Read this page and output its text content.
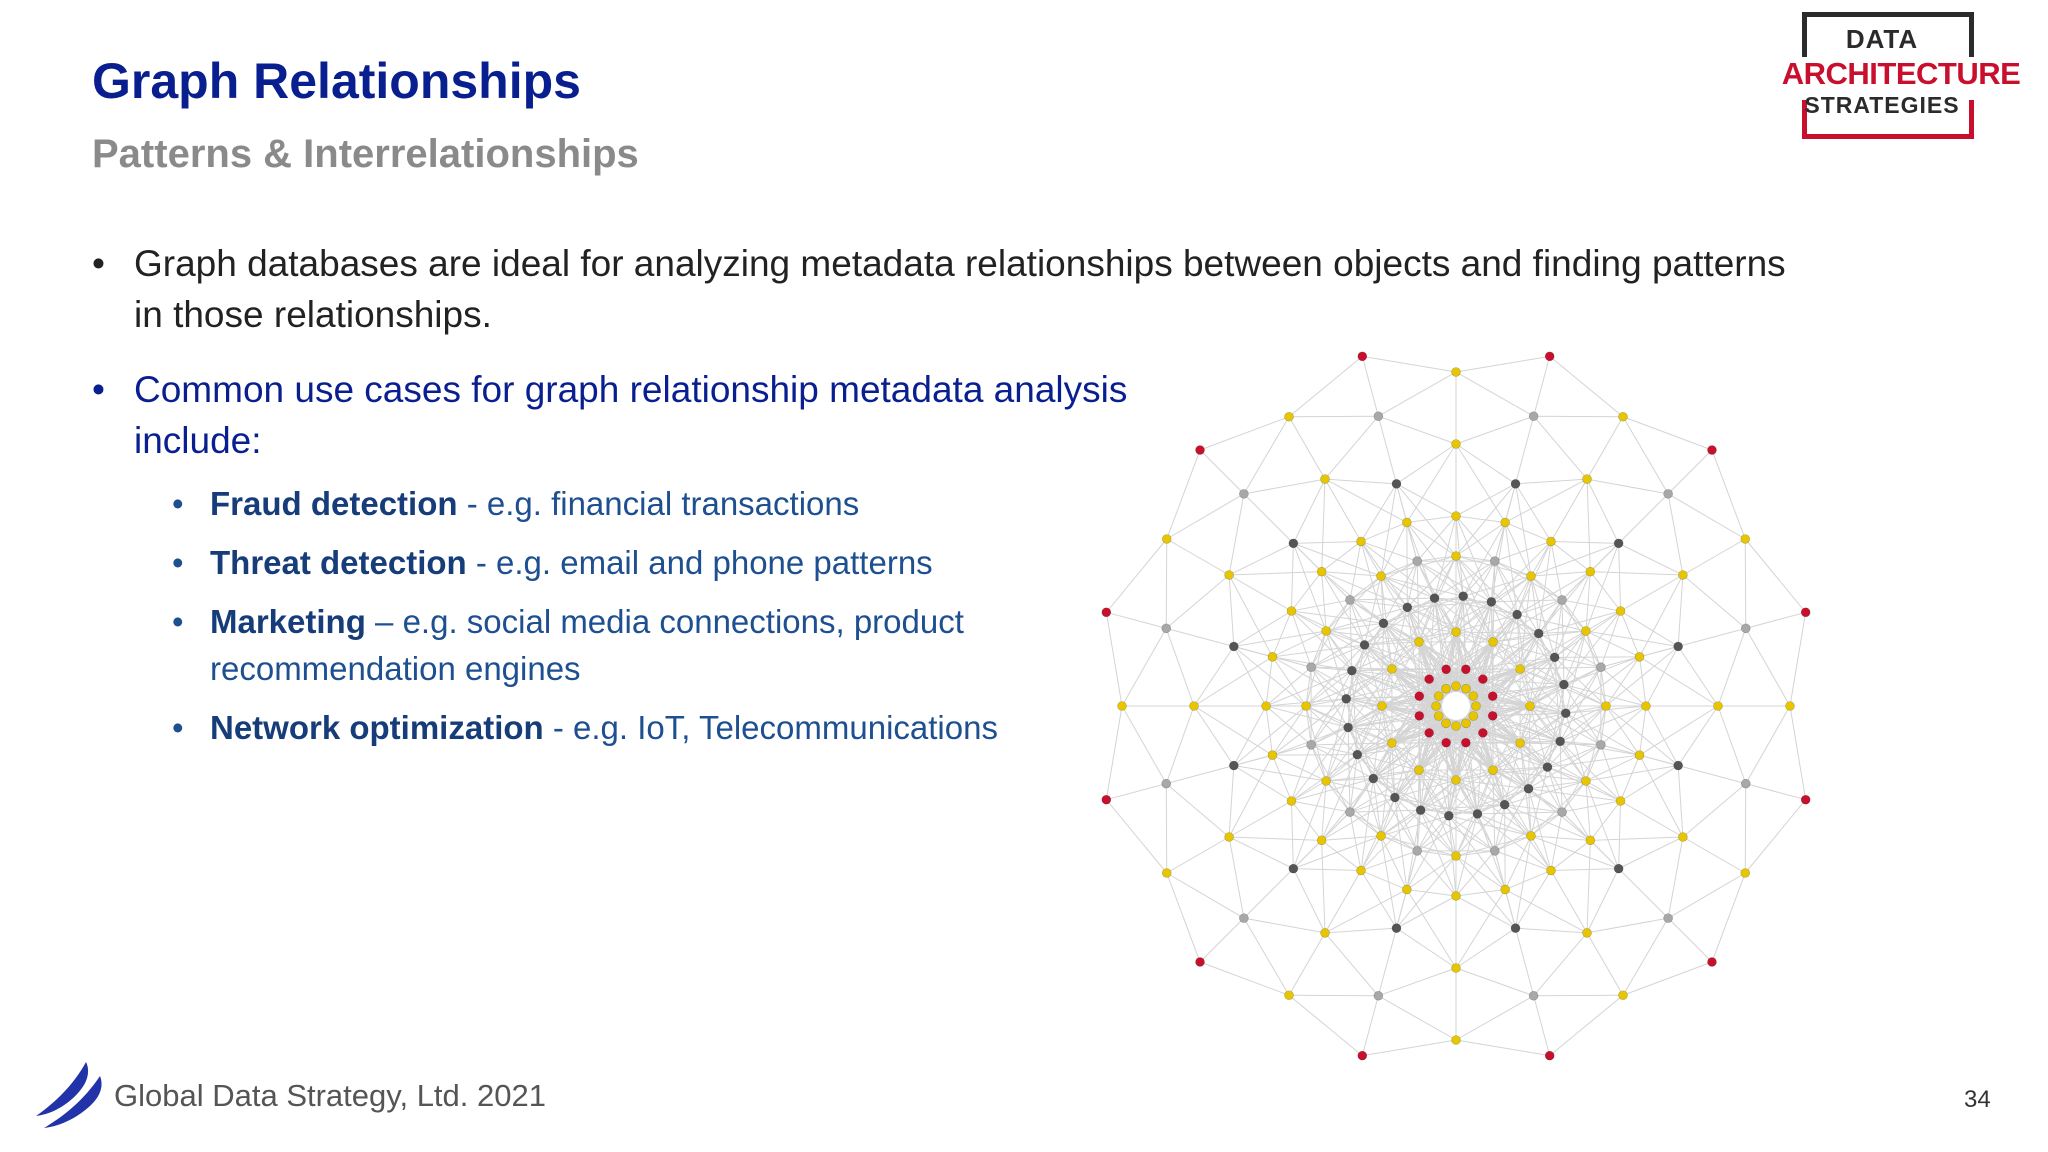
Graph Relationships
Patterns & Interrelationships
DATA
ARCHITECTURE
STRATEGIES
• Graph databases are ideal for analyzing metadata relationships between objects and finding patterns in those relationships.
• Common use cases for graph relationship metadata analysis include:
• Fraud detection - e.g. financial transactions
• Threat detection - e.g. email and phone patterns
• Marketing – e.g. social media connections, product recommendation engines
• Network optimization - e.g. IoT, Telecommunications
Global Data Strategy, Ltd. 2021	34
